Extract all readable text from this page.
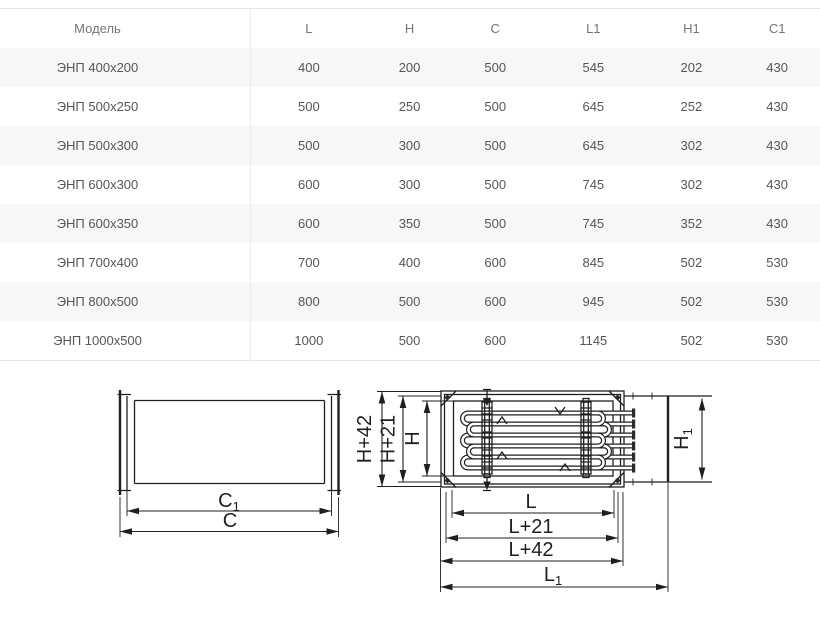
Модель	L	H	C	L1	H1	C1
ЭНП 400x200	400	200	500	545	202	430
ЭНП 500x250	500	250	500	645	252	430
ЭНП 500x300	500	300	500	645	302	430
ЭНП 600x300	600	300	500	745	302	430
ЭНП 600x350	600	350	500	745	352	430
ЭНП 700x400	700	400	600	845	502	530
ЭНП 800x500	800	500	600	945	502	530
ЭНП 1000x500	1000	500	600	1145	502	530
$C_1$
C
H+42 H+21 H	$H_1$
L
L+21
L+42
$L_1$
